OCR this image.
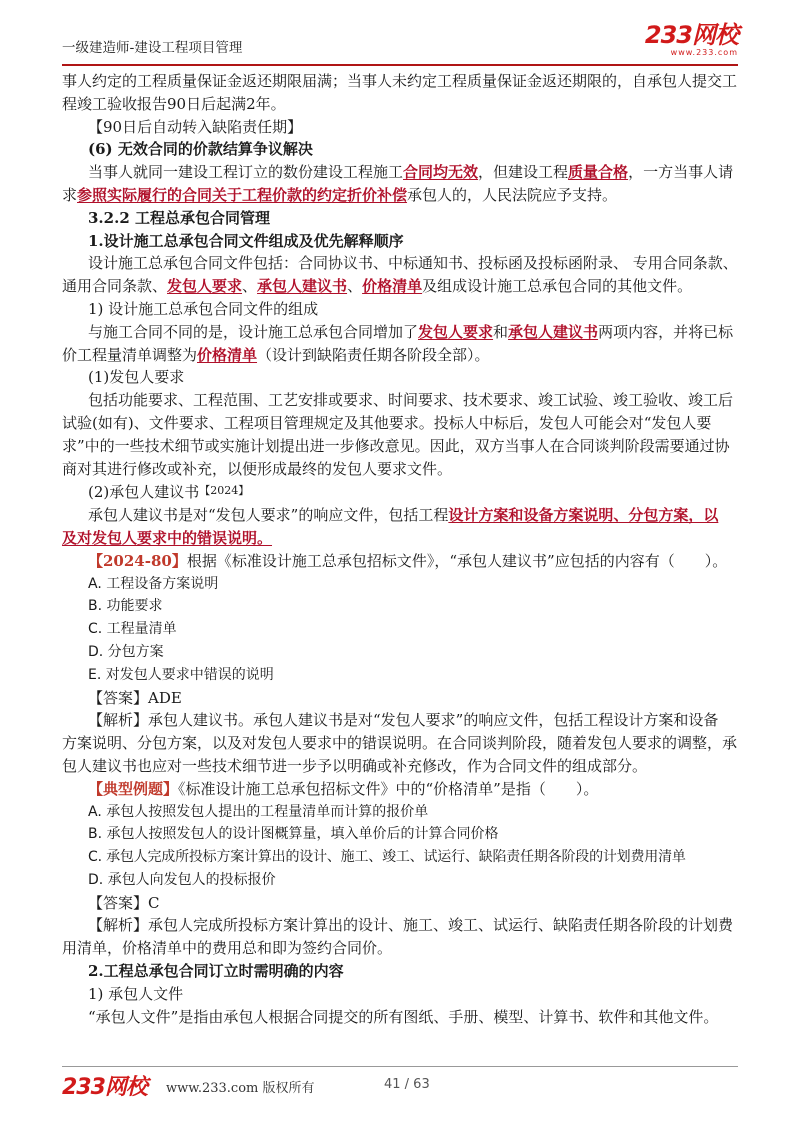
一级建造师-建设工程项目管理	233网校
www.233.com
事人约定的工程质量保证金返还期限届满；当事人未约定工程质量保证金返还期限的，自承包人提交工
程竣工验收报告90日后起满2年。
【90日后自动转入缺陷责任期】
(6) 无效合同的价款结算争议解决
当事人就同一建设工程订立的数份建设工程施工合同均无效，但建设工程质量合格，一方当事人请
求参照实际履行的合同关于工程价款的约定折价补偿承包人的，人民法院应予支持。
3.2.2 工程总承包合同管理
1.设计施工总承包合同文件组成及优先解释顺序
设计施工总承包合同文件包括：合同协议书、中标通知书、投标函及投标函附录、 专用合同条款、
通用合同条款、发包人要求、承包人建议书、价格清单及组成设计施工总承包合同的其他文件。
1) 设计施工总承包合同文件的组成
与施工合同不同的是，设计施工总承包合同增加了发包人要求和承包人建议书两项内容，并将已标
价工程量清单调整为价格清单（设计到缺陷责任期各阶段全部）。
(1)发包人要求
包括功能要求、工程范围、工艺安排或要求、时间要求、技术要求、竣工试验、竣工验收、竣工后
试验(如有)、文件要求、工程项目管理规定及其他要求。投标人中标后，发包人可能会对“发包人要
求”中的一些技术细节或实施计划提出进一步修改意见。因此，双方当事人在合同谈判阶段需要通过协
商对其进行修改或补充，以便形成最终的发包人要求文件。
(2)承包人建议书$^{【2024】}$
承包人建议书是对“发包人要求”的响应文件，包括工程设计方案和设备方案说明、分包方案，以
及对发包人要求中的错误说明。
【2024-80】根据《标准设计施工总承包招标文件》，“承包人建议书”应包括的内容有（　　）。
A. 工程设备方案说明
B. 功能要求
C. 工程量清单
D. 分包方案
E. 对发包人要求中错误的说明
【答案】ADE
【解析】承包人建议书。承包人建议书是对“发包人要求”的响应文件，包括工程设计方案和设备
方案说明、分包方案，以及对发包人要求中的错误说明。在合同谈判阶段，随着发包人要求的调整，承
包人建议书也应对一些技术细节进一步予以明确或补充修改，作为合同文件的组成部分。
【典型例题】《标准设计施工总承包招标文件》中的“价格清单”是指（　　）。
A. 承包人按照发包人提出的工程量清单而计算的报价单
B. 承包人按照发包人的设计图概算量，填入单价后的计算合同价格
C. 承包人完成所投标方案计算出的设计、施工、竣工、试运行、缺陷责任期各阶段的计划费用清单
D. 承包人向发包人的投标报价
【答案】C
【解析】承包人完成所投标方案计算出的设计、施工、竣工、试运行、缺陷责任期各阶段的计划费
用清单，价格清单中的费用总和即为签约合同价。
2.工程总承包合同订立时需明确的内容
1) 承包人文件
“承包人文件”是指由承包人根据合同提交的所有图纸、手册、模型、计算书、软件和其他文件。
233网校 www.233.com 版权所有	41 / 63
